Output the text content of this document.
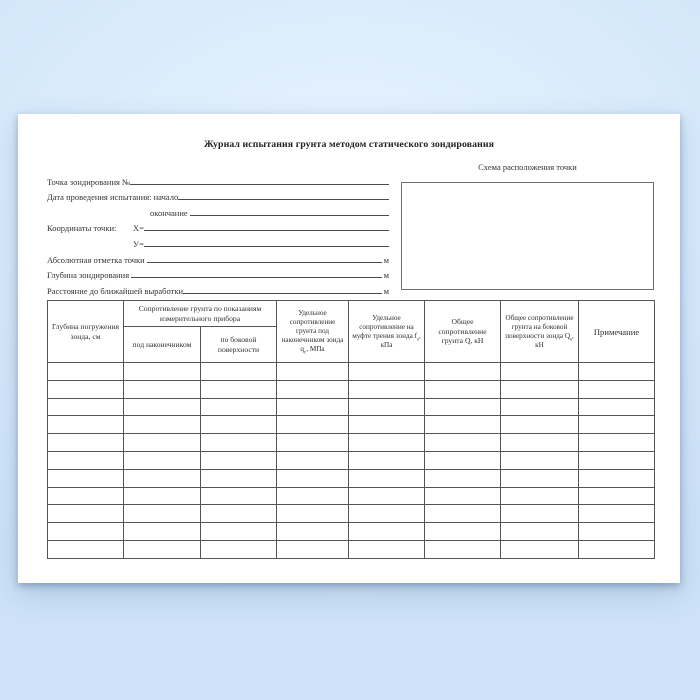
Журнал испытания грунта методом статического зондирования
Точка зондирования №
Дата проведения испытания: начало
окончание
Координаты точки:	Х=
У=
Абсолютная отметка точки	м
Глубина зондирования	м
Расстояние до ближайшей выработки	м
Схема расположения точки
Глубина погружения зонда, см	Сопротивление грунта по показаниям измерительного прибора		Удельное сопротивление грунта под наконечником зонда $q_с$, МПа	Удельное сопротивление на муфте трения зонда $f_s$, кПа	Общее сопротивление грунта Q, кН	Общее сопротивление грунта на боковой поверхности зонда $Q_s$, кН	Примечание
	под наконечником	по боковой поверхности					
